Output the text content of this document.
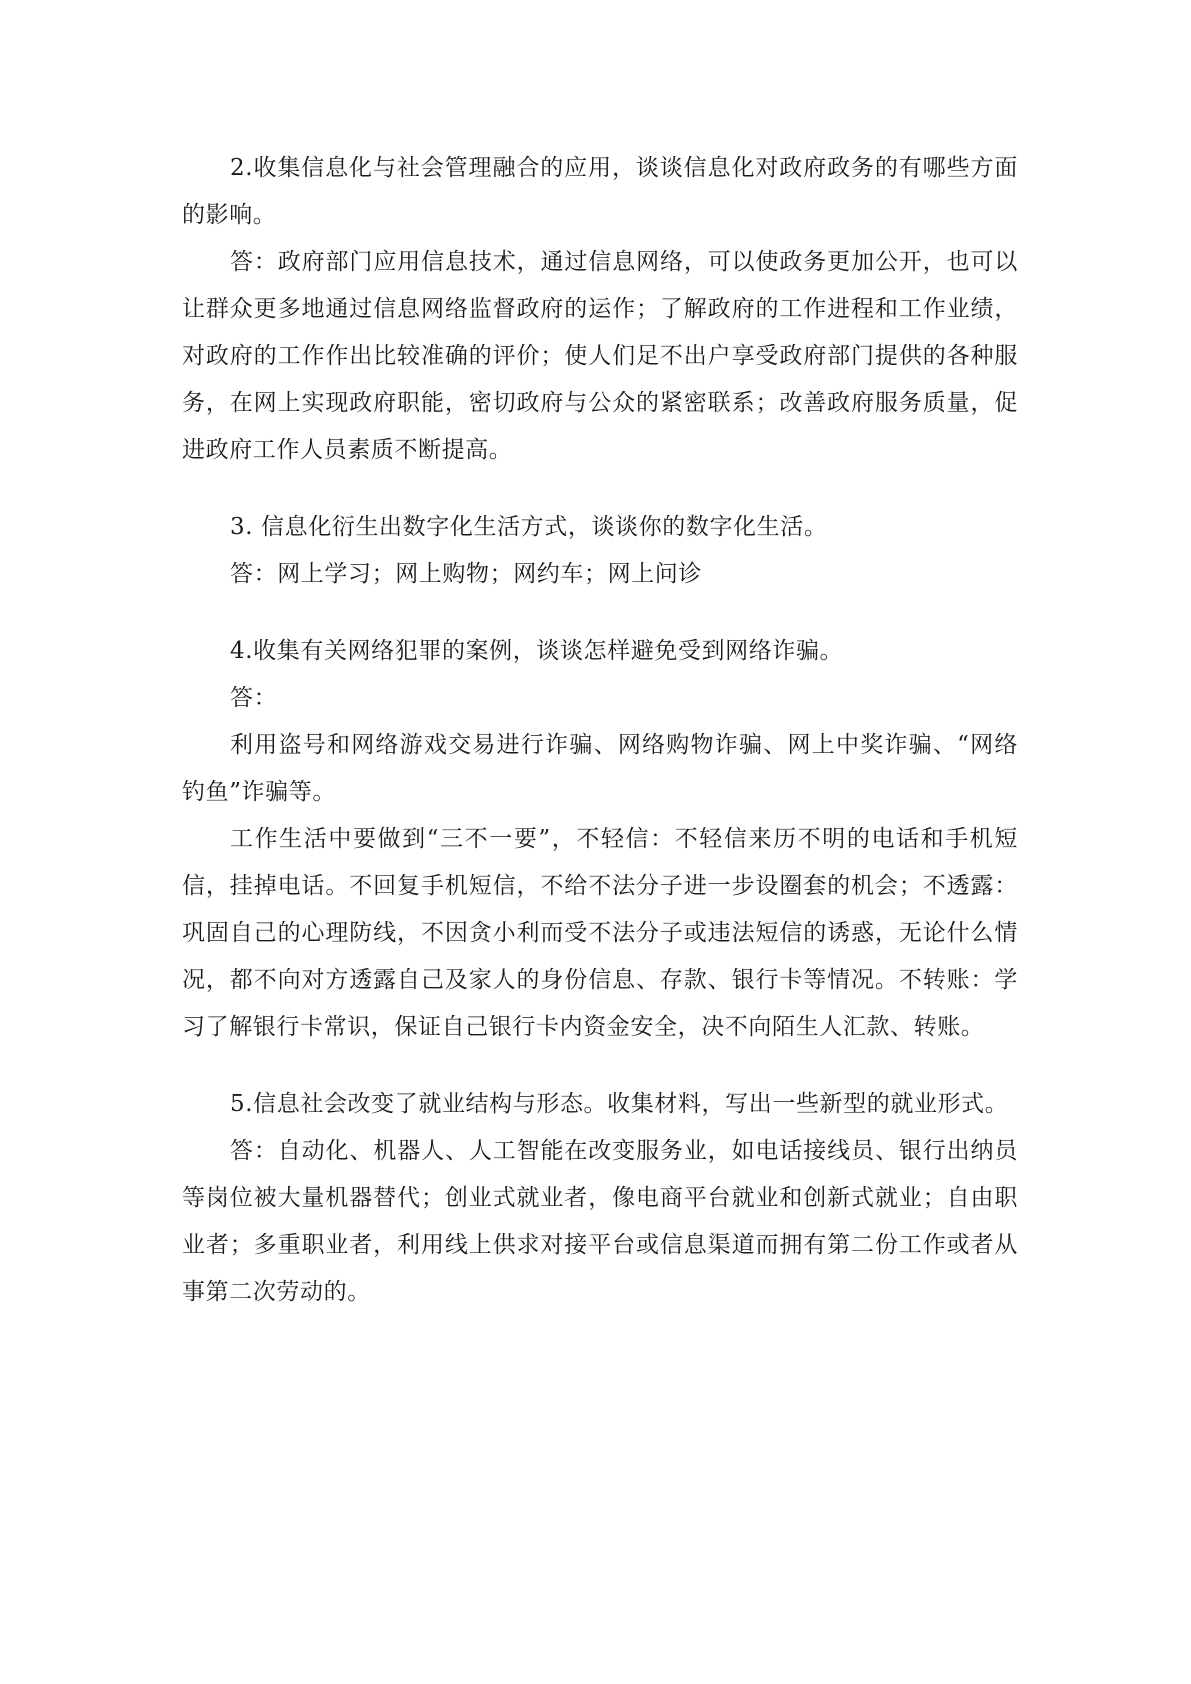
2.收集信息化与社会管理融合的应用，谈谈信息化对政府政务的有哪些方面的影响。

答：政府部门应用信息技术，通过信息网络，可以使政务更加公开，也可以让群众更多地通过信息网络监督政府的运作；了解政府的工作进程和工作业绩，对政府的工作作出比较准确的评价；使人们足不出户享受政府部门提供的各种服务，在网上实现政府职能，密切政府与公众的紧密联系；改善政府服务质量，促进政府工作人员素质不断提高。

3. 信息化衍生出数字化生活方式，谈谈你的数字化生活。

答：网上学习；网上购物；网约车；网上问诊

4.收集有关网络犯罪的案例，谈谈怎样避免受到网络诈骗。

答：

利用盗号和网络游戏交易进行诈骗、网络购物诈骗、网上中奖诈骗、“网络钓鱼”诈骗等。

工作生活中要做到“三不一要”，不轻信：不轻信来历不明的电话和手机短信，挂掉电话。不回复手机短信，不给不法分子进一步设圈套的机会；不透露：巩固自己的心理防线，不因贪小利而受不法分子或违法短信的诱惑，无论什么情况，都不向对方透露自己及家人的身份信息、存款、银行卡等情况。不转账：学习了解银行卡常识，保证自己银行卡内资金安全，决不向陌生人汇款、转账。

5.信息社会改变了就业结构与形态。收集材料，写出一些新型的就业形式。

答：自动化、机器人、人工智能在改变服务业，如电话接线员、银行出纳员等岗位被大量机器替代；创业式就业者，像电商平台就业和创新式就业；自由职业者；多重职业者，利用线上供求对接平台或信息渠道而拥有第二份工作或者从事第二次劳动的。
